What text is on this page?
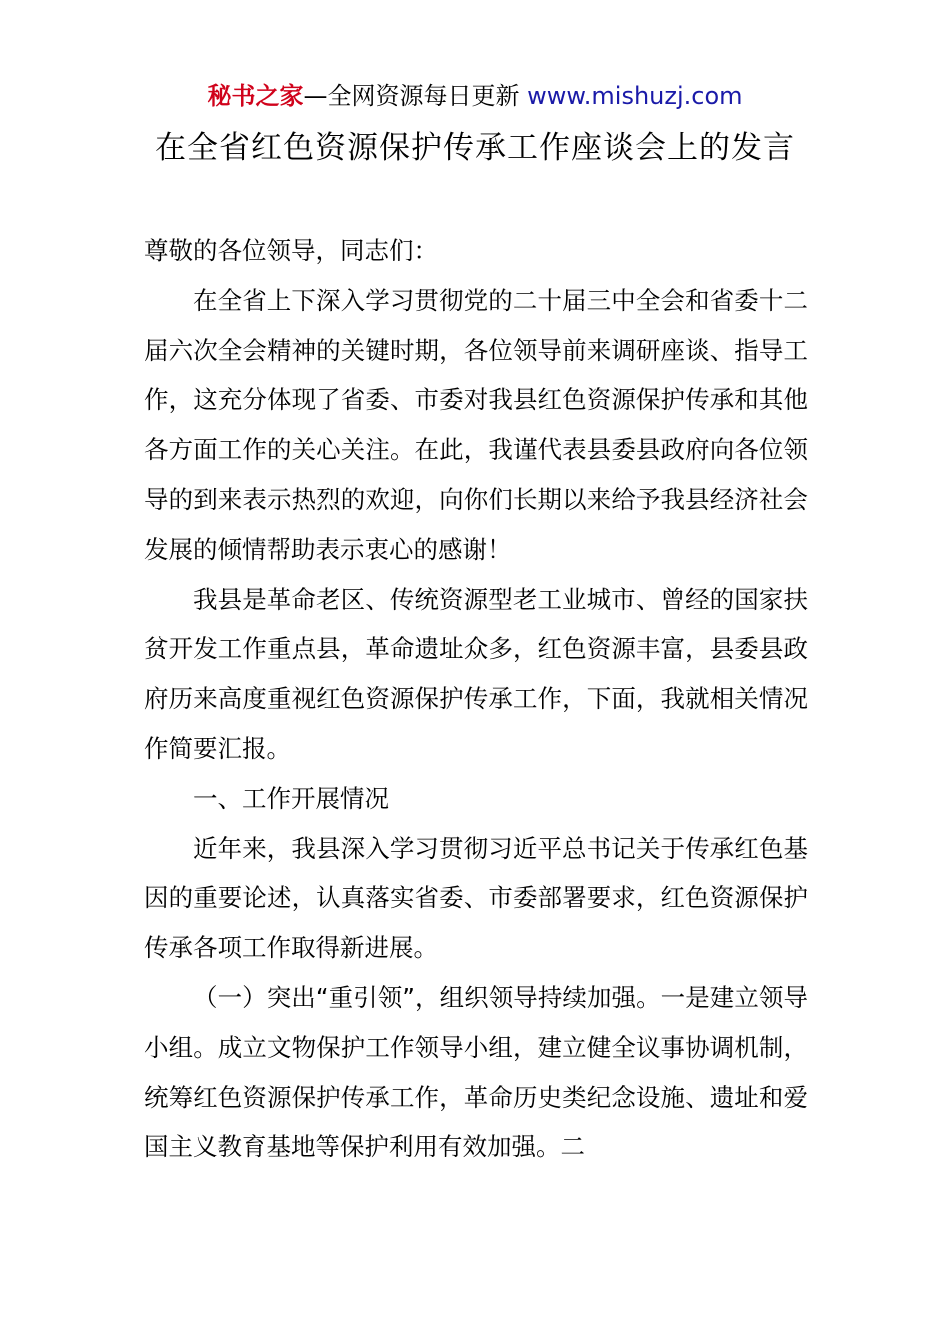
秘书之家—全网资源每日更新 www.mishuzj.com
在全省红色资源保护传承工作座谈会上的发言

尊敬的各位领导，同志们：

在全省上下深入学习贯彻党的二十届三中全会和省委十二届六次全会精神的关键时期，各位领导前来调研座谈、指导工作，这充分体现了省委、市委对我县红色资源保护传承和其他各方面工作的关心关注。在此，我谨代表县委县政府向各位领导的到来表示热烈的欢迎，向你们长期以来给予我县经济社会发展的倾情帮助表示衷心的感谢！

我县是革命老区、传统资源型老工业城市、曾经的国家扶贫开发工作重点县，革命遗址众多，红色资源丰富，县委县政府历来高度重视红色资源保护传承工作，下面，我就相关情况作简要汇报。

一、工作开展情况

近年来，我县深入学习贯彻习近平总书记关于传承红色基因的重要论述，认真落实省委、市委部署要求，红色资源保护传承各项工作取得新进展。

（一）突出“重引领”，组织领导持续加强。一是建立领导小组。成立文物保护工作领导小组，建立健全议事协调机制，统筹红色资源保护传承工作，革命历史类纪念设施、遗址和爱国主义教育基地等保护利用有效加强。二
